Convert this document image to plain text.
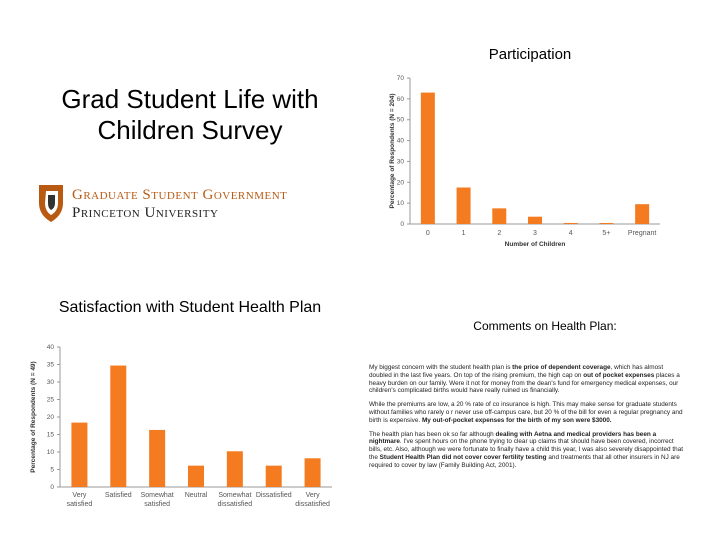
Grad Student Life with Children Survey
Graduate Student Government
Princeton University
Participation
0
10
20
30
40
50
60
70
Percentage of Respondents (N = 204)
0	1	2	3	4	5+	Pregnant
Number of Children
Satisfaction with Student Health Plan
0
5
10
15
20
25
30
35
40
Percentage of Respondents (N = 49)
Very
satisfied
Satisfied Somewhat
satisfied
Neutral Somewhat
dissatisfied
Dissatisfied Very
dissatisfied
Comments on Health Plan:

My biggest concern with the student health plan is the price of dependent coverage, which has almost doubled in the last five years. On top of the rising premium, the high cap on out of pocket expenses places a heavy burden on our family. Were it not for money from the dean's fund for emergency medical expenses, our children's complicated births would have really ruined us financially.

While the premiums are low, a 20 % rate of co insurance is high. This may make sense for graduate students without families who rarely o r never use off-campus care, but 20 % of the bill for even a regular pregnancy and birth is expensive. My out-of-pocket expenses for the birth of my son were $3000.

The health plan has been ok so far although dealing with Aetna and medical providers has been a nightmare. I've spent hours on the phone trying to clear up claims that should have been covered, incorrect bills, etc. Also, although we were fortunate to finally have a child this year, I was also severely disappointed that the Student Health Plan did not cover cover fertility testing and treatments that all other insurers in NJ are required to cover by law (Family Building Act, 2001).
